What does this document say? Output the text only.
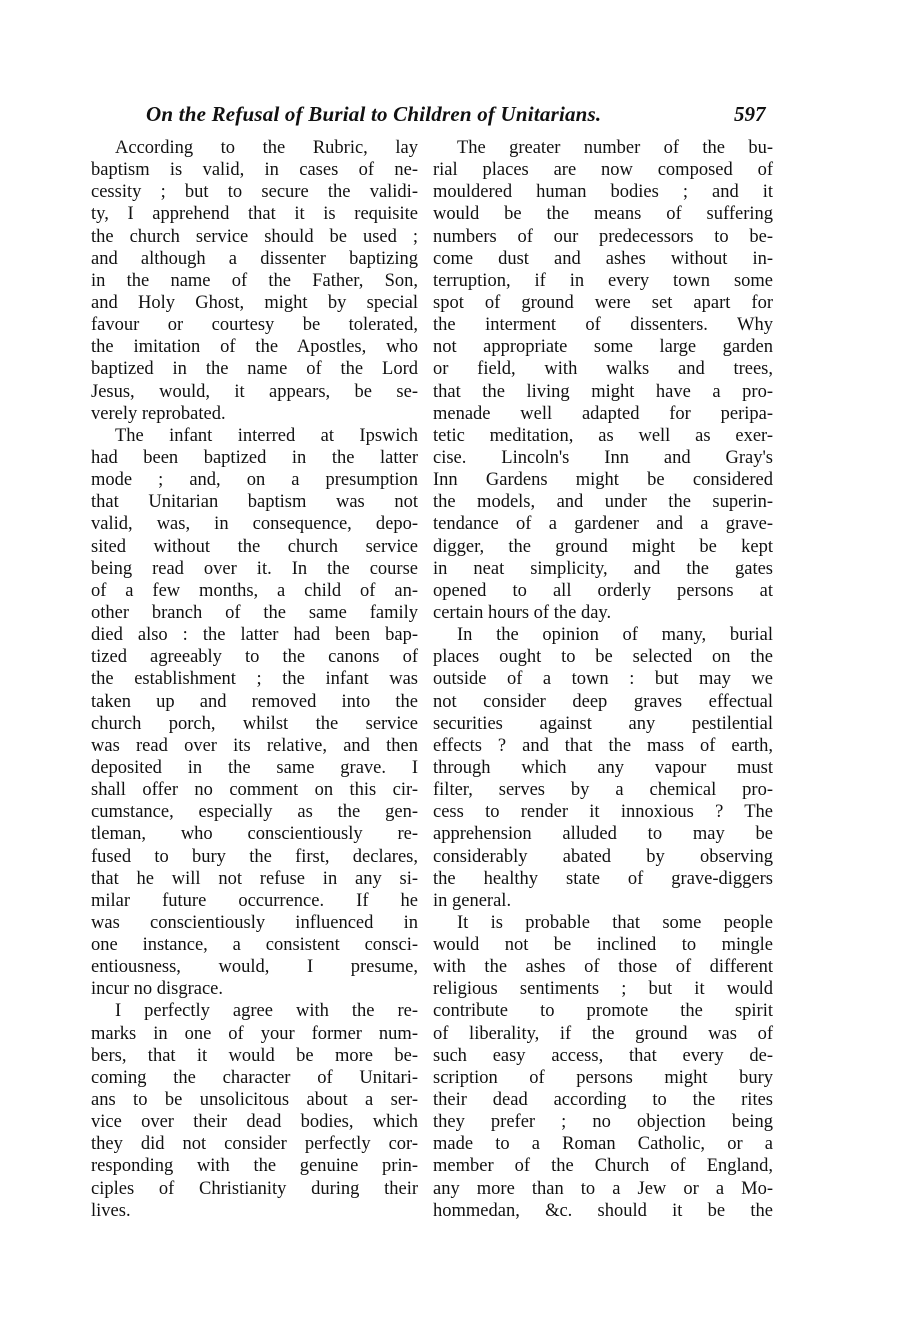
On the Refusal of Burial to Children of Unitarians.	597
According to the Rubric, lay
baptism is valid, in cases of ne-
cessity ; but to secure the validi-
ty, I apprehend that it is requisite
the church service should be used ;
and although a dissenter baptizing
in the name of the Father, Son,
and Holy Ghost, might by special
favour or courtesy be tolerated,
the imitation of the Apostles, who
baptized in the name of the Lord
Jesus, would, it appears, be se-
verely reprobated.
The infant interred at Ipswich
had been baptized in the latter
mode ; and, on a presumption
that Unitarian baptism was not
valid, was, in consequence, depo-
sited without the church service
being read over it. In the course
of a few months, a child of an-
other branch of the same family
died also : the latter had been bap-
tized agreeably to the canons of
the establishment ; the infant was
taken up and removed into the
church porch, whilst the service
was read over its relative, and then
deposited in the same grave. I
shall offer no comment on this cir-
cumstance, especially as the gen-
tleman, who conscientiously re-
fused to bury the first, declares,
that he will not refuse in any si-
milar future occurrence. If he
was conscientiously influenced in
one instance, a consistent consci-
entiousness, would, I presume,
incur no disgrace.
I perfectly agree with the re-
marks in one of your former num-
bers, that it would be more be-
coming the character of Unitari-
ans to be unsolicitous about a ser-
vice over their dead bodies, which
they did not consider perfectly cor-
responding with the genuine prin-
ciples of Christianity during their
lives.
The greater number of the bu-
rial places are now composed of
mouldered human bodies ; and it
would be the means of suffering
numbers of our predecessors to be-
come dust and ashes without in-
terruption, if in every town some
spot of ground were set apart for
the interment of dissenters. Why
not appropriate some large garden
or field, with walks and trees,
that the living might have a pro-
menade well adapted for peripa-
tetic meditation, as well as exer-
cise. Lincoln's Inn and Gray's
Inn Gardens might be considered
the models, and under the superin-
tendance of a gardener and a grave-
digger, the ground might be kept
in neat simplicity, and the gates
opened to all orderly persons at
certain hours of the day.
In the opinion of many, burial
places ought to be selected on the
outside of a town : but may we
not consider deep graves effectual
securities against any pestilential
effects ? and that the mass of earth,
through which any vapour must
filter, serves by a chemical pro-
cess to render it innoxious ? The
apprehension alluded to may be
considerably abated by observing
the healthy state of grave-diggers
in general.
It is probable that some people
would not be inclined to mingle
with the ashes of those of different
religious sentiments ; but it would
contribute to promote the spirit
of liberality, if the ground was of
such easy access, that every de-
scription of persons might bury
their dead according to the rites
they prefer ; no objection being
made to a Roman Catholic, or a
member of the Church of England,
any more than to a Jew or a Mo-
hommedan, &c. should it be the
